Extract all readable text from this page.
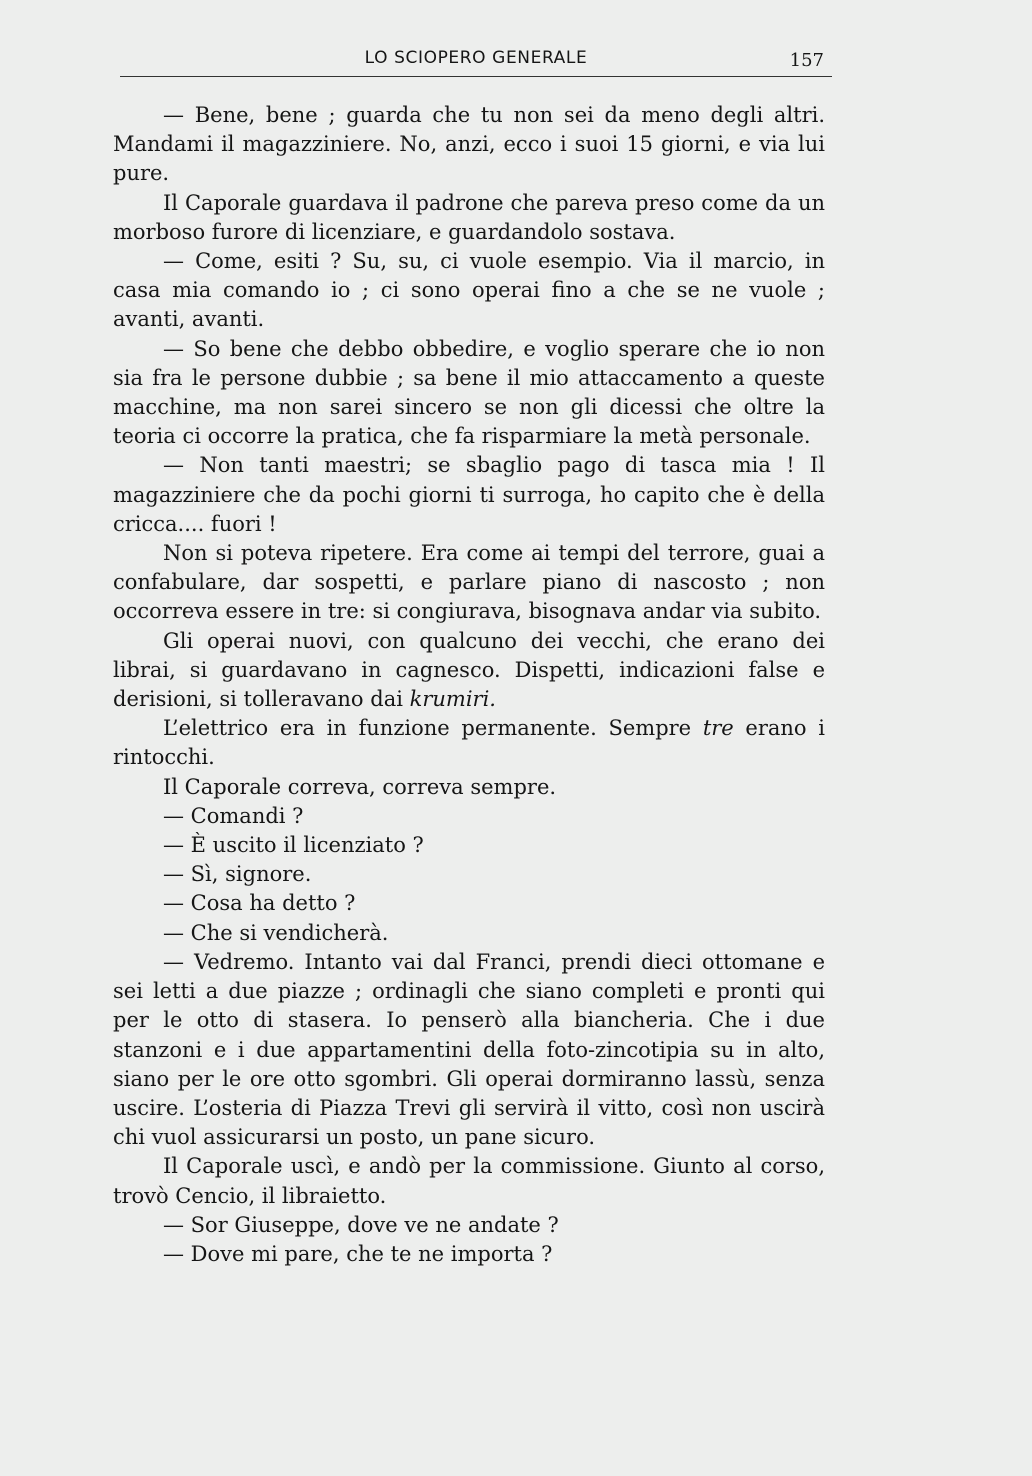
LO SCIOPERO GENERALE	157

— Bene, bene ; guarda che tu non sei da meno degli altri. Mandami il magazziniere. No, anzi, ecco i suoi 15 giorni, e via lui pure.

Il Caporale guardava il padrone che pareva preso come da un morboso furore di licenziare, e guardandolo sostava.

— Come, esiti ? Su, su, ci vuole esempio. Via il marcio, in casa mia comando io ; ci sono operai fino a che se ne vuole ; avanti, avanti.

— So bene che debbo obbedire, e voglio sperare che io non sia fra le persone dubbie ; sa bene il mio attaccamento a queste macchine, ma non sarei sincero se non gli dicessi che oltre la teoria ci occorre la pratica, che fa risparmiare la metà personale.

— Non tanti maestri; se sbaglio pago di tasca mia ! Il magazziniere che da pochi giorni ti surroga, ho capito che è della cricca.... fuori !

Non si poteva ripetere. Era come ai tempi del terrore, guai a confabulare, dar sospetti, e parlare piano di nascosto ; non occorreva essere in tre: si congiurava, bisognava andar via subito.

Gli operai nuovi, con qualcuno dei vecchi, che erano dei librai, si guardavano in cagnesco. Dispetti, indicazioni false e derisioni, si tolleravano dai krumiri.

L’elettrico era in funzione permanente. Sempre tre erano i rintocchi.

Il Caporale correva, correva sempre.

— Comandi ?

— È uscito il licenziato ?

— Sì, signore.

— Cosa ha detto ?

— Che si vendicherà.

— Vedremo. Intanto vai dal Franci, prendi dieci ottomane e sei letti a due piazze ; ordinagli che siano completi e pronti qui per le otto di stasera. Io penserò alla biancheria. Che i due stanzoni e i due appartamentini della foto-zincotipia su in alto, siano per le ore otto sgombri. Gli operai dormiranno lassù, senza uscire. L’osteria di Piazza Trevi gli servirà il vitto, così non uscirà chi vuol assicurarsi un posto, un pane sicuro.

Il Caporale uscì, e andò per la commissione. Giunto al corso, trovò Cencio, il libraietto.

— Sor Giuseppe, dove ve ne andate ?

— Dove mi pare, che te ne importa ?
